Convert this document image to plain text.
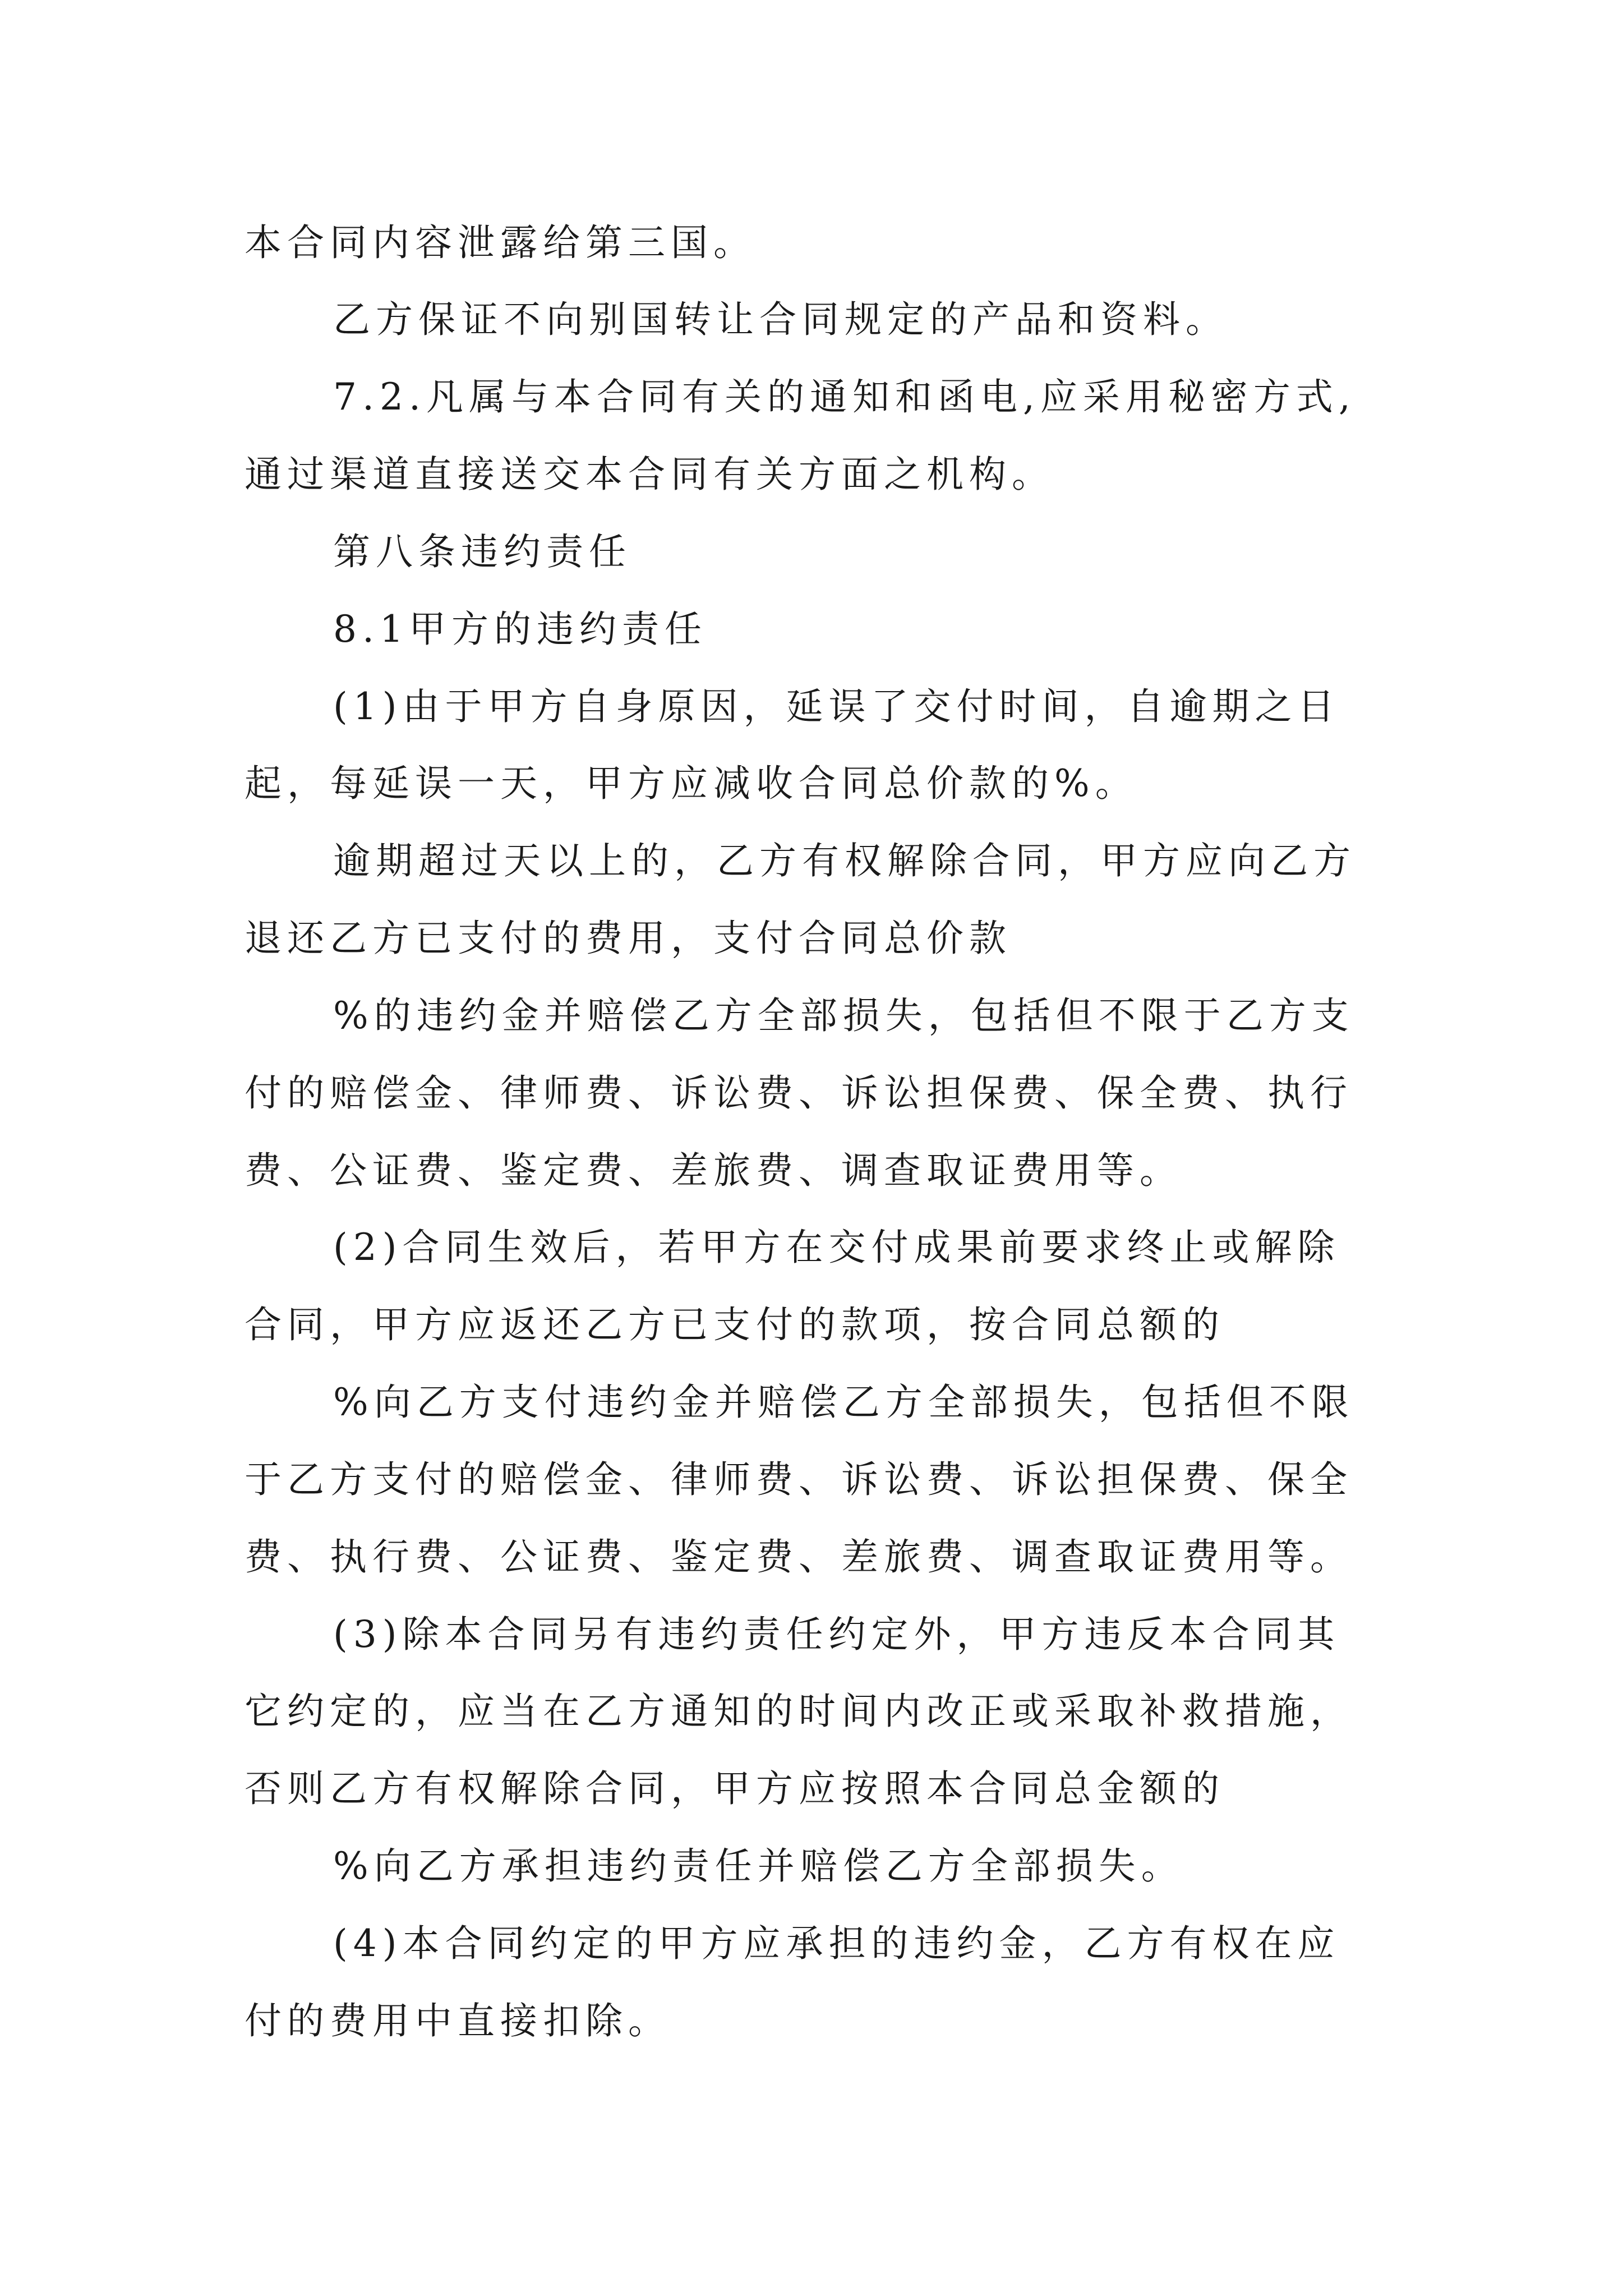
本合同内容泄露给第三国。
乙方保证不向别国转让合同规定的产品和资料。
7.2.凡属与本合同有关的通知和函电,应采用秘密方式,
通过渠道直接送交本合同有关方面之机构。
第八条违约责任
8.1甲方的违约责任
(1)由于甲方自身原因，延误了交付时间，自逾期之日
起，每延误一天，甲方应减收合同总价款的%。
逾期超过天以上的，乙方有权解除合同，甲方应向乙方
退还乙方已支付的费用，支付合同总价款
%的违约金并赔偿乙方全部损失，包括但不限于乙方支
付的赔偿金、律师费、诉讼费、诉讼担保费、保全费、执行
费、公证费、鉴定费、差旅费、调查取证费用等。
(2)合同生效后，若甲方在交付成果前要求终止或解除
合同，甲方应返还乙方已支付的款项，按合同总额的
%向乙方支付违约金并赔偿乙方全部损失，包括但不限
于乙方支付的赔偿金、律师费、诉讼费、诉讼担保费、保全
费、执行费、公证费、鉴定费、差旅费、调查取证费用等。
(3)除本合同另有违约责任约定外，甲方违反本合同其
它约定的，应当在乙方通知的时间内改正或采取补救措施，
否则乙方有权解除合同，甲方应按照本合同总金额的
%向乙方承担违约责任并赔偿乙方全部损失。
(4)本合同约定的甲方应承担的违约金，乙方有权在应
付的费用中直接扣除。
